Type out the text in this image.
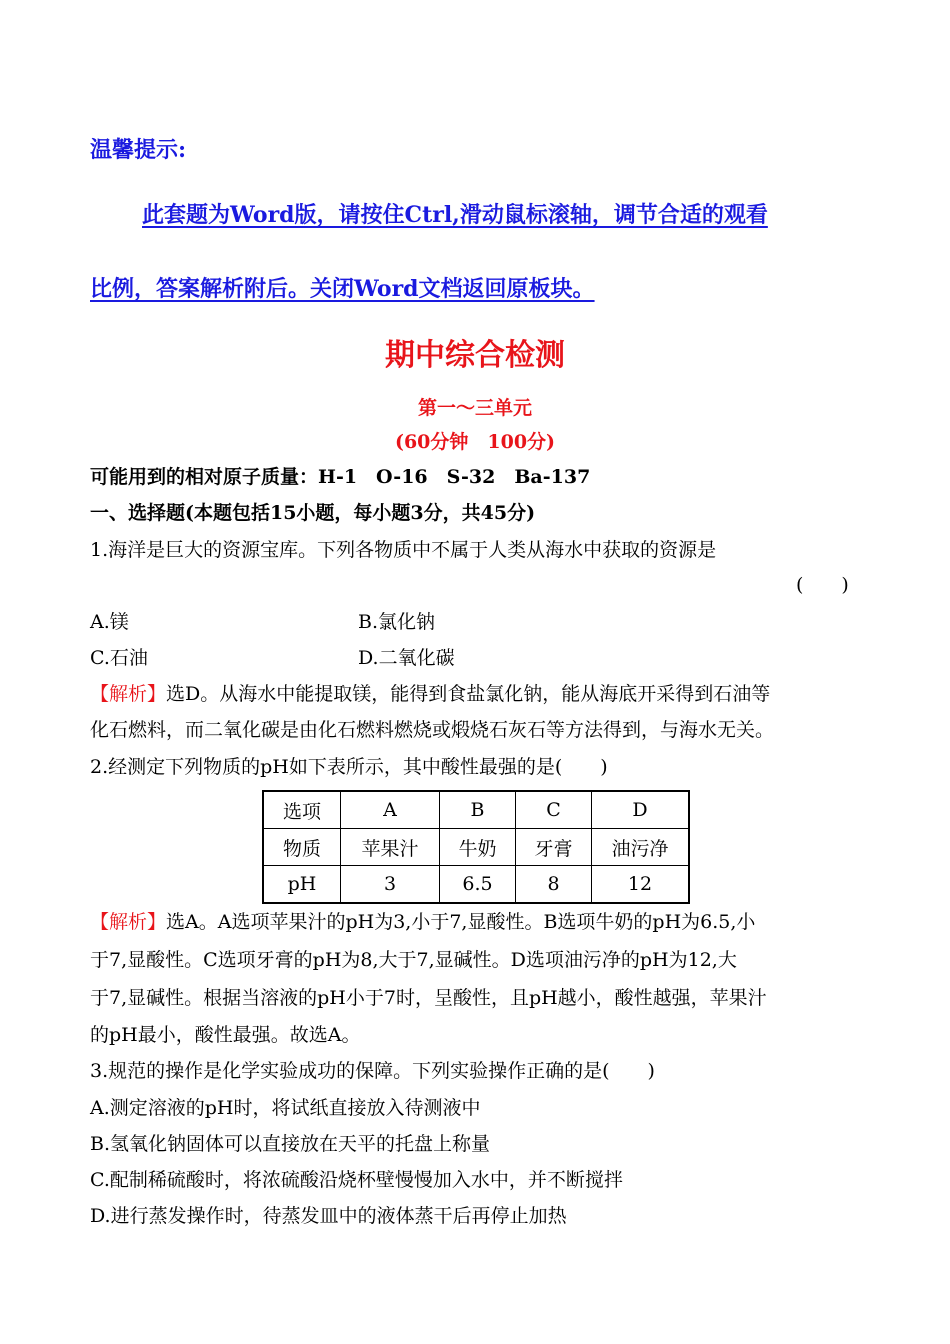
温馨提示:
此套题为Word版，请按住Ctrl,滑动鼠标滚轴，调节合适的观看
比例，答案解析附后。关闭Word文档返回原板块。
期中综合检测
第一～三单元
(60分钟　100分)
可能用到的相对原子质量：H-1　O-16　S-32　Ba-137
一、选择题(本题包括15小题，每小题3分，共45分)
1.海洋是巨大的资源宝库。下列各物质中不属于人类从海水中获取的资源是
(　　)
A.镁	B.氯化钠
C.石油	D.二氧化碳
【解析】选D。从海水中能提取镁，能得到食盐氯化钠，能从海底开采得到石油等
化石燃料，而二氧化碳是由化石燃料燃烧或煅烧石灰石等方法得到，与海水无关。
2.经测定下列物质的pH如下表所示，其中酸性最强的是(　　)
选项	A	B	C	D
物质	苹果汁	牛奶	牙膏	油污净
pH	3	6.5	8	12
【解析】选A。A选项苹果汁的pH为3,小于7,显酸性。B选项牛奶的pH为6.5,小
于7,显酸性。C选项牙膏的pH为8,大于7,显碱性。D选项油污净的pH为12,大
于7,显碱性。根据当溶液的pH小于7时，呈酸性，且pH越小，酸性越强，苹果汁
的pH最小，酸性最强。故选A。
3.规范的操作是化学实验成功的保障。下列实验操作正确的是(　　)
A.测定溶液的pH时，将试纸直接放入待测液中
B.氢氧化钠固体可以直接放在天平的托盘上称量
C.配制稀硫酸时，将浓硫酸沿烧杯壁慢慢加入水中，并不断搅拌
D.进行蒸发操作时，待蒸发皿中的液体蒸干后再停止加热
